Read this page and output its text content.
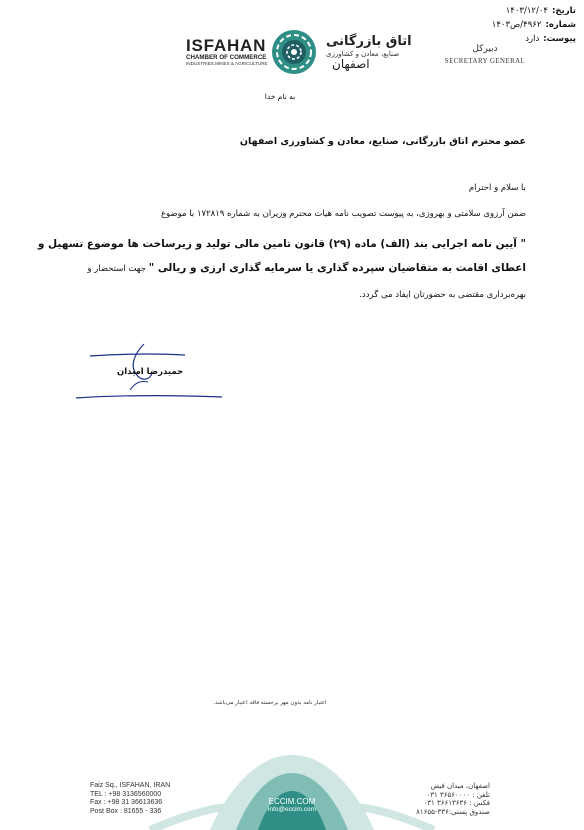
تاریخ:
۱۴۰۳/۱۲/۰۴
شماره:
۴۹۶۲/ص۱۴۰۳
پیوست:
دارد
ISFAHAN
CHAMBER OF COMMERCE
INDUSTRIES,MINES & AGRICULTURE
اتاق بازرگانی
صنایع، معادن و کشاورزی
اصفهان
دبیرکل
SECRETARY GENERAL
به نام خدا
عضو محترم اتاق بازرگانی، صنایع، معادن و کشاورزی اصفهان
با سلام و احترام
ضمن آرزوی سلامتی و بهروزی، به پیوست تصویب نامه هیات محترم وزیران به شماره ۱۷۲۸۱۹ با موضوع
" آیین نامه اجرایی بند (الف) ماده (۲۹) قانون تامین مالی تولید و زیرساخت ها موضوع تسهیل و
اعطای اقامت به متقاضیان سپرده گذاری یا سرمایه گذاری ارزی و ریالی " جهت استحضار و
بهره‌برداری مقتضی به حضورتان ایفاد می گردد.
حمیدرضا امیدان
اعتبار نامه بدون مهر برجسته فاقد اعتبار می‌باشد.
Faiz Sq., ISFAHAN, IRAN
TEL : +98 3136560000
Fax : +98 31 36613636
Post Box : 81655 - 336
اصفهان، میدان فیض
تلفن : ۳۶۵۶۰۰۰۰ ۰۳۱
فکس : ۳۶۶۱۳۶۳۶ ۰۳۱
صندوق پستی:۳۳۶-۸۱۶۵۵
ECCIM.COM
info@eccim.com
